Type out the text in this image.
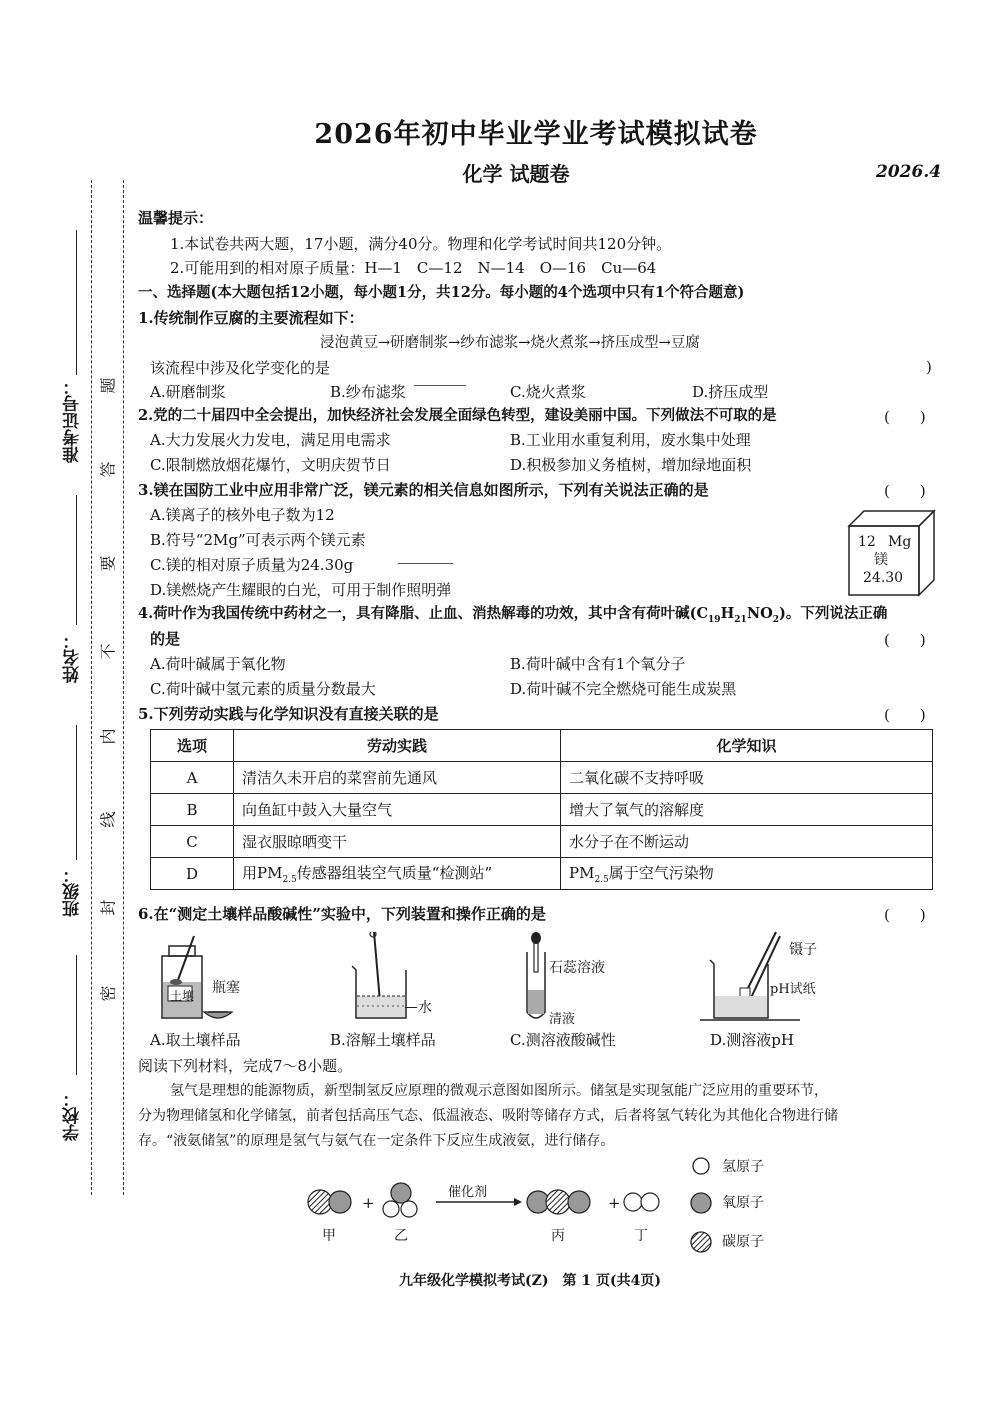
准考证号：
姓名：
班级：
学校：
题
答
要
不
内
线
封
密
2026年初中毕业学业考试模拟试卷
化学 试题卷	2026.4
温馨提示：
1.本试卷共两大题，17小题，满分40分。物理和化学考试时间共120分钟。
2.可能用到的相对原子质量：H—1　C—12　N—14　O—16　Cu—64
一、选择题(本大题包括12小题，每小题1分，共12分。每小题的4个选项中只有1个符合题意)
1.传统制作豆腐的主要流程如下：
浸泡黄豆→研磨制浆→纱布滤浆→烧火煮浆→挤压成型→豆腐
该流程中涉及化学变化的是	)
A.研磨制浆	B.纱布滤浆	C.烧火煮浆	D.挤压成型
2.党的二十届四中全会提出，加快经济社会发展全面绿色转型，建设美丽中国。下列做法不可取的是	(　　)
A.大力发展火力发电，满足用电需求	B.工业用水重复利用，废水集中处理
C.限制燃放烟花爆竹，文明庆贺节日	D.积极参加义务植树，增加绿地面积
3.镁在国防工业中应用非常广泛，镁元素的相关信息如图所示，下列有关说法正确的是	(　　)
A.镁离子的核外电子数为12
B.符号“2Mg”可表示两个镁元素
C.镁的相对原子质量为24.30g
D.镁燃烧产生耀眼的白光，可用于制作照明弹
12 Mg
镁
24.30
4.荷叶作为我国传统中药材之一，具有降脂、止血、消热解毒的功效，其中含有荷叶碱$(C_{19}H_{21}NO_2)$。下列说法正确
的是	(　　)
A.荷叶碱属于氧化物	B.荷叶碱中含有1个氧分子
C.荷叶碱中氢元素的质量分数最大	D.荷叶碱不完全燃烧可能生成炭黑
5.下列劳动实践与化学知识没有直接关联的是	(　　)
选项	劳动实践	化学知识
A	清洁久未开启的菜窖前先通风	二氧化碳不支持呼吸
B	向鱼缸中鼓入大量空气	增大了氧气的溶解度
C	湿衣服晾晒变干	水分子在不断运动
D	用$PM_{2.5}$传感器组装空气质量“检测站”	$PM_{2.5}$属于空气污染物
6.在“测定土壤样品酸碱性”实验中，下列装置和操作正确的是	(　　)
土壤 瓶塞
水
石蕊溶液
清液
镊子
pH试纸
A.取土壤样品	B.溶解土壤样品	C.测溶液酸碱性	D.测溶液pH
阅读下列材料，完成7～8小题。
氢气是理想的能源物质，新型制氢反应原理的微观示意图如图所示。储氢是实现氢能广泛应用的重要环节，
分为物理储氢和化学储氢，前者包括高压气态、低温液态、吸附等储存方式，后者将氢气转化为其他化合物进行储
存。“液氨储氢”的原理是氢气与氨气在一定条件下反应生成液氨，进行储存。
+	+
催化剂
甲	乙	丙	丁
氢原子
氧原子
碳原子
九年级化学模拟考试(Z)　第 1 页(共4页)
